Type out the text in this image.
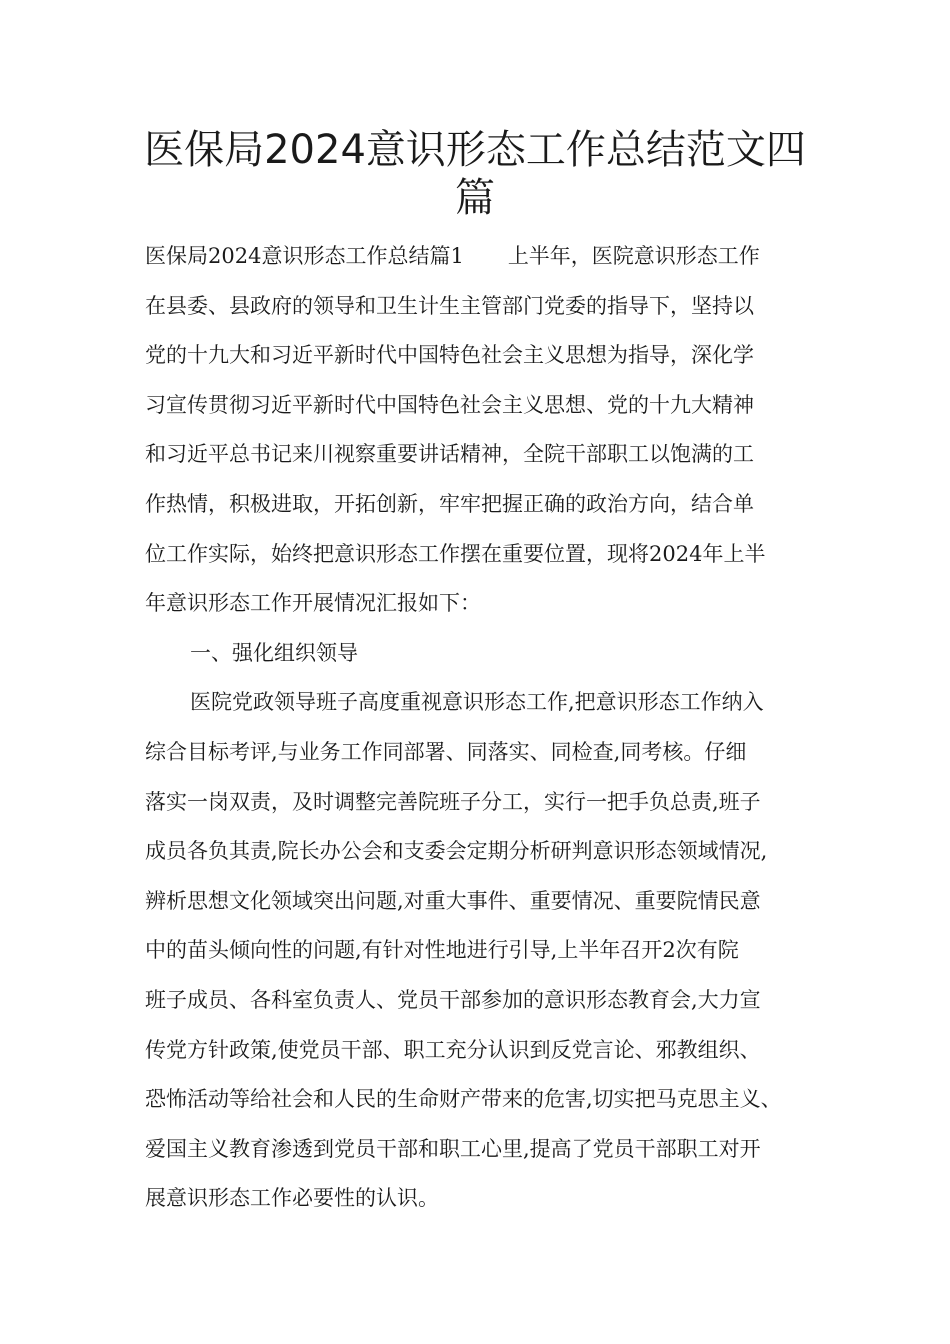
医保局2024意识形态工作总结范文四
篇
医保局2024意识形态工作总结篇1 上半年，医院意识形态工作
在县委、县政府的领导和卫生计生主管部门党委的指导下，坚持以
党的十九大和习近平新时代中国特色社会主义思想为指导，深化学
习宣传贯彻习近平新时代中国特色社会主义思想、党的十九大精神
和习近平总书记来川视察重要讲话精神，全院干部职工以饱满的工
作热情，积极进取，开拓创新，牢牢把握正确的政治方向，结合单
位工作实际，始终把意识形态工作摆在重要位置，现将2024年上半
年意识形态工作开展情况汇报如下：
一、强化组织领导
医院党政领导班子高度重视意识形态工作,把意识形态工作纳入
综合目标考评,与业务工作同部署、同落实、同检查,同考核。仔细
落实一岗双责，及时调整完善院班子分工，实行一把手负总责,班子
成员各负其责,院长办公会和支委会定期分析研判意识形态领域情况,
辨析思想文化领域突出问题,对重大事件、重要情况、重要院情民意
中的苗头倾向性的问题,有针对性地进行引导,上半年召开2次有院
班子成员、各科室负责人、党员干部参加的意识形态教育会,大力宣
传党方针政策,使党员干部、职工充分认识到反党言论、邪教组织、
恐怖活动等给社会和人民的生命财产带来的危害,切实把马克思主义、
爱国主义教育渗透到党员干部和职工心里,提高了党员干部职工对开
展意识形态工作必要性的认识。
